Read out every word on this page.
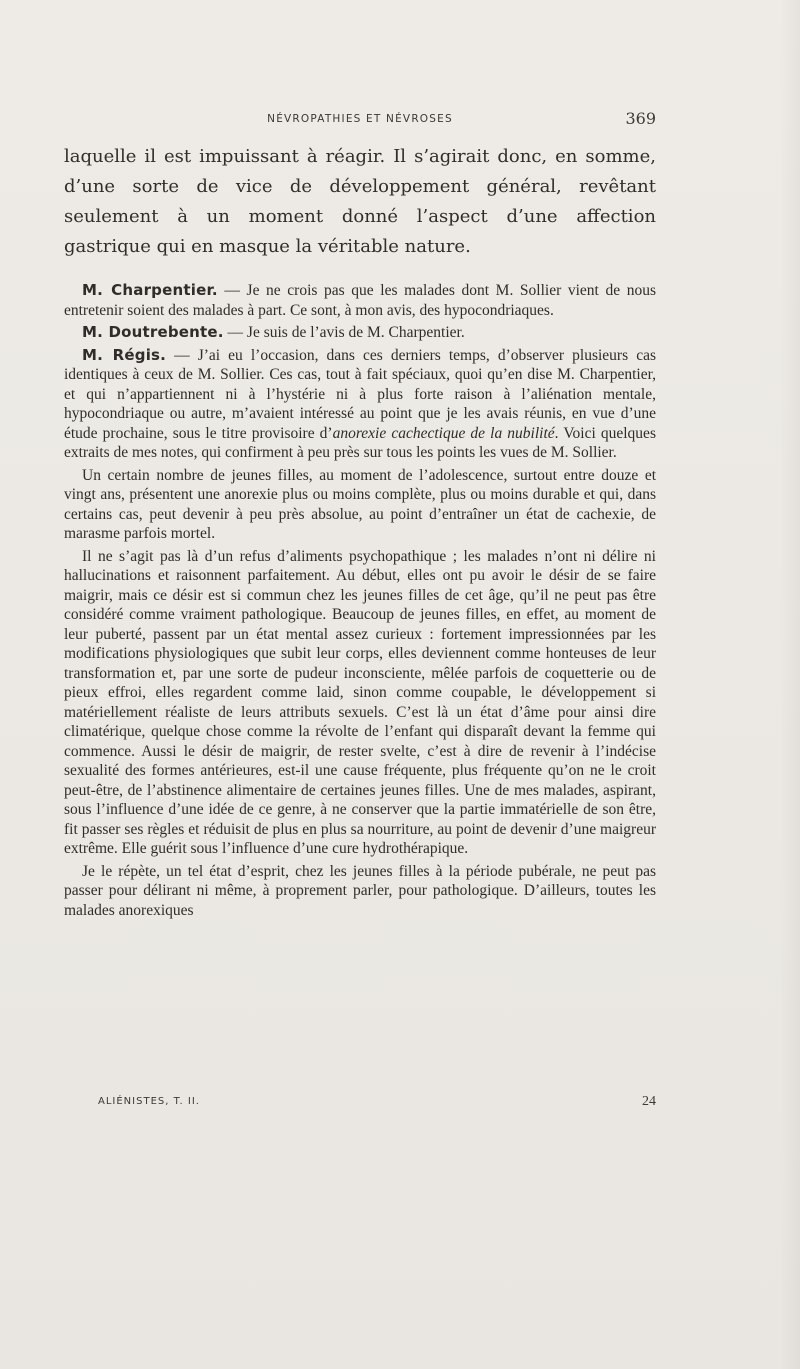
NÉVROPATHIES ET NÉVROSES	369

laquelle il est impuissant à réagir. Il s’agirait donc, en somme, d’une sorte de vice de développement général, revêtant seulement à un moment donné l’aspect d’une affection gastrique qui en masque la véritable nature.

M. Charpentier. — Je ne crois pas que les malades dont M. Sollier vient de nous entretenir soient des malades à part. Ce sont, à mon avis, des hypocondriaques.

M. Doutrebente. — Je suis de l’avis de M. Charpentier.

M. Régis. — J’ai eu l’occasion, dans ces derniers temps, d’observer plusieurs cas identiques à ceux de M. Sollier. Ces cas, tout à fait spéciaux, quoi qu’en dise M. Charpentier, et qui n’appartiennent ni à l’hystérie ni à plus forte raison à l’aliénation mentale, hypocondriaque ou autre, m’avaient intéressé au point que je les avais réunis, en vue d’une étude prochaine, sous le titre provisoire d’anorexie cachectique de la nubilité. Voici quelques extraits de mes notes, qui confirment à peu près sur tous les points les vues de M. Sollier.

Un certain nombre de jeunes filles, au moment de l’adolescence, surtout entre douze et vingt ans, présentent une anorexie plus ou moins complète, plus ou moins durable et qui, dans certains cas, peut devenir à peu près absolue, au point d’entraîner un état de cachexie, de marasme parfois mortel.

Il ne s’agit pas là d’un refus d’aliments psychopathique ; les malades n’ont ni délire ni hallucinations et raisonnent parfaitement. Au début, elles ont pu avoir le désir de se faire maigrir, mais ce désir est si commun chez les jeunes filles de cet âge, qu’il ne peut pas être considéré comme vraiment pathologique. Beaucoup de jeunes filles, en effet, au moment de leur puberté, passent par un état mental assez curieux : fortement impressionnées par les modifications physiologiques que subit leur corps, elles deviennent comme honteuses de leur transformation et, par une sorte de pudeur inconsciente, mêlée parfois de coquetterie ou de pieux effroi, elles regardent comme laid, sinon comme coupable, le développement si matériellement réaliste de leurs attributs sexuels. C’est là un état d’âme pour ainsi dire climatérique, quelque chose comme la révolte de l’enfant qui disparaît devant la femme qui commence. Aussi le désir de maigrir, de rester svelte, c’est à dire de revenir à l’indécise sexualité des formes antérieures, est-il une cause fréquente, plus fréquente qu’on ne le croit peut-être, de l’abstinence alimentaire de certaines jeunes filles. Une de mes malades, aspirant, sous l’influence d’une idée de ce genre, à ne conserver que la partie immatérielle de son être, fit passer ses règles et réduisit de plus en plus sa nourriture, au point de devenir d’une maigreur extrême. Elle guérit sous l’influence d’une cure hydrothérapique.

Je le répète, un tel état d’esprit, chez les jeunes filles à la période pubérale, ne peut pas passer pour délirant ni même, à proprement parler, pour pathologique. D’ailleurs, toutes les malades anorexiques

ALIÉNISTES, T. II.	24
